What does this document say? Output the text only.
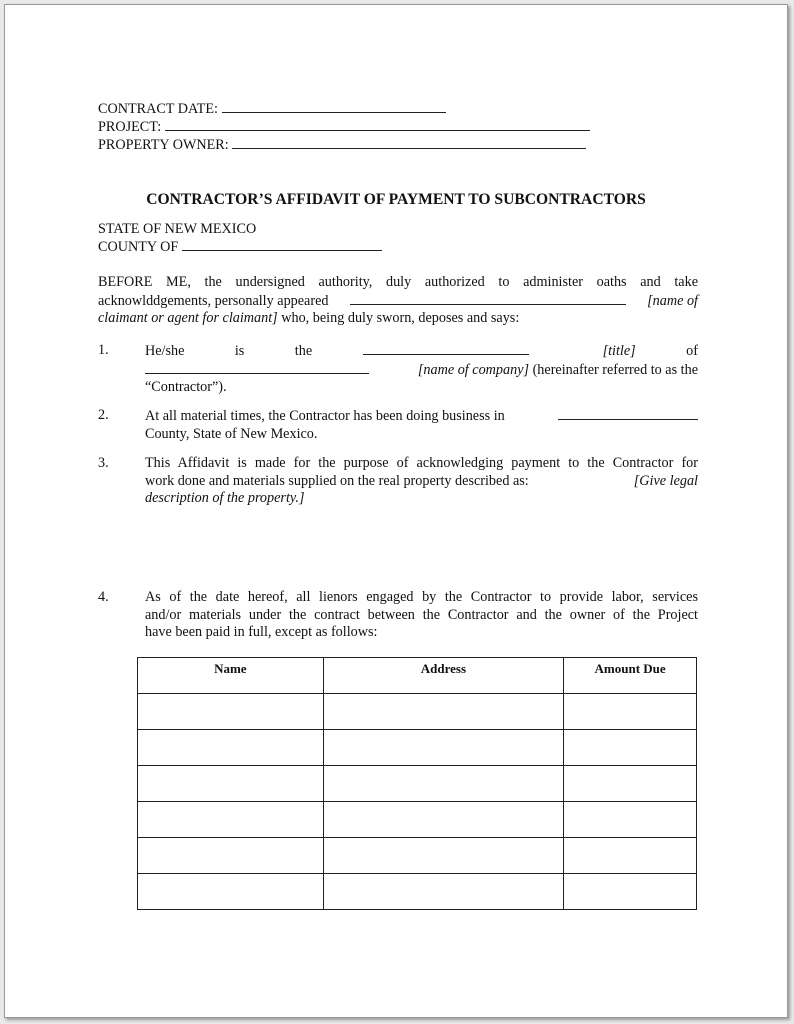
CONTRACT DATE:
PROJECT:
PROPERTY OWNER:
CONTRACTOR’S AFFIDAVIT OF PAYMENT TO SUBCONTRACTORS
STATE OF NEW MEXICO
COUNTY OF
BEFORE ME, the undersigned authority, duly authorized to administer oaths and take
acknowlddgements, personally appeared	[name of
claimant or agent for claimant] who, being duly sworn, deposes and says:
1.	He/she	is	the	[title]	of
[name of company] (hereinafter referred to as the
“Contractor”).
2.	At all material times, the Contractor has been doing business in
County, State of New Mexico.
3.	This Affidavit is made for the purpose of acknowledging payment to the Contractor for
work done and materials supplied on the real property described as:	[Give legal
description of the property.]
4.	As of the date hereof, all lienors engaged by the Contractor to provide labor, services
and/or materials under the contract between the Contractor and the owner of the Project
have been paid in full, except as follows:
Name	Address	Amount Due
